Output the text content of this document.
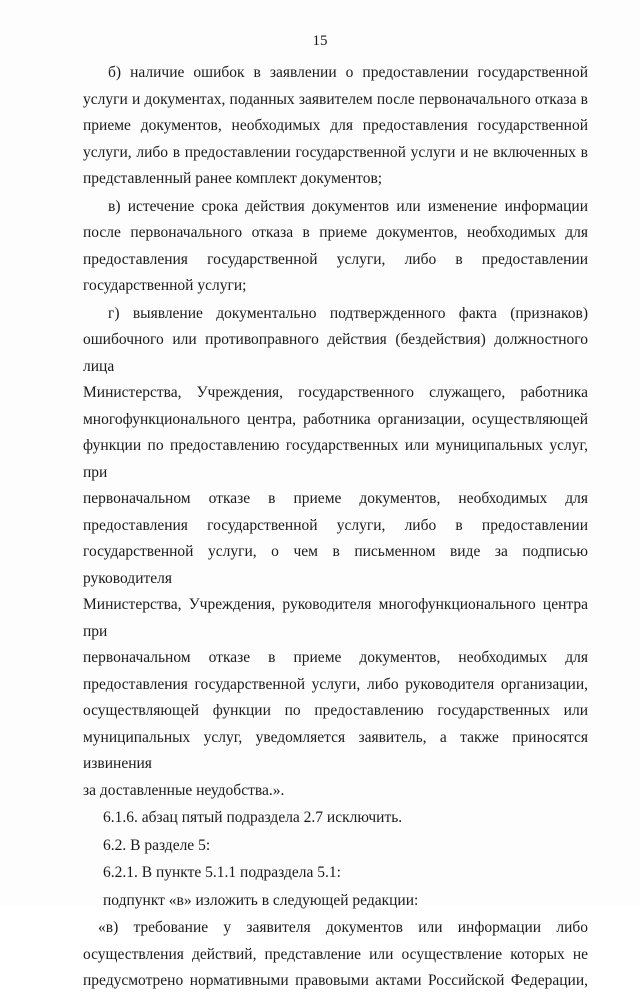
15
б) наличие ошибок в заявлении о предоставлении государственной
услуги и документах, поданных заявителем после первоначального отказа в
приеме документов, необходимых для предоставления государственной
услуги, либо в предоставлении государственной услуги и не включенных в
представленный ранее комплект документов;
в) истечение срока действия документов или изменение информации
после первоначального отказа в приеме документов, необходимых для
предоставления государственной услуги, либо в предоставлении
государственной услуги;
г) выявление документально подтвержденного факта (признаков)
ошибочного или противоправного действия (бездействия) должностного лица
Министерства, Учреждения, государственного служащего, работника
многофункционального центра, работника организации, осуществляющей
функции по предоставлению государственных или муниципальных услуг, при
первоначальном отказе в приеме документов, необходимых для
предоставления государственной услуги, либо в предоставлении
государственной услуги, о чем в письменном виде за подписью руководителя
Министерства, Учреждения, руководителя многофункционального центра при
первоначальном отказе в приеме документов, необходимых для
предоставления государственной услуги, либо руководителя организации,
осуществляющей функции по предоставлению государственных или
муниципальных услуг, уведомляется заявитель, а также приносятся извинения
за доставленные неудобства.».
6.1.6. абзац пятый подраздела 2.7 исключить.
6.2. В разделе 5:
6.2.1. В пункте 5.1.1 подраздела 5.1:
подпункт «в» изложить в следующей редакции:
«в) требование у заявителя документов или информации либо
осуществления действий, представление или осуществление которых не
предусмотрено нормативными правовыми актами Российской Федерации,
